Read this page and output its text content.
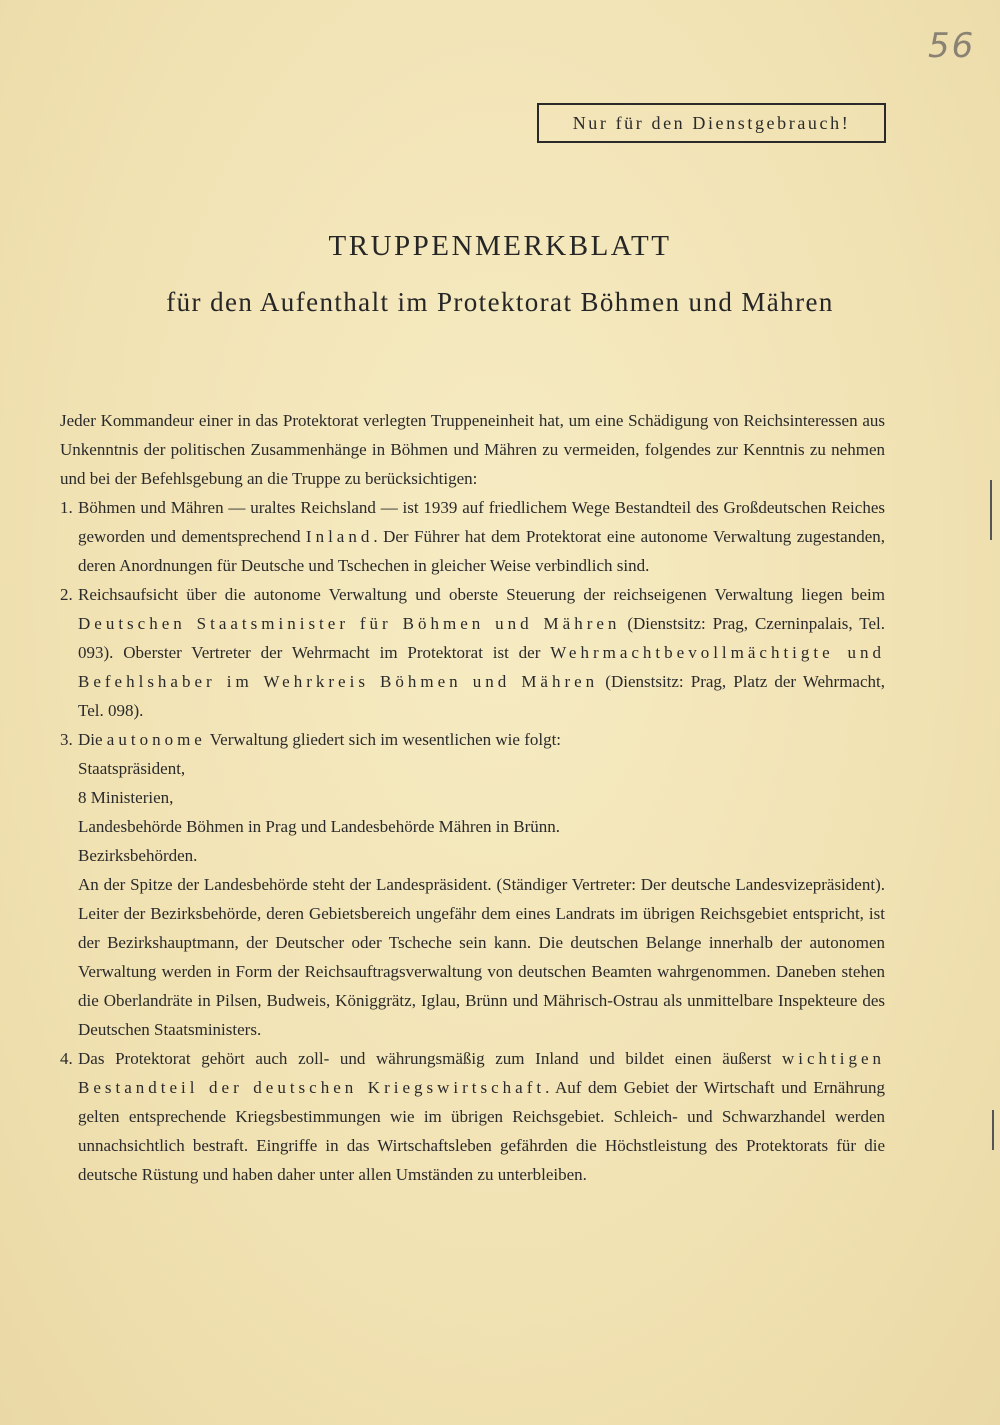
56
Nur für den Dienstgebrauch!
TRUPPENMERKBLATT
für den Aufenthalt im Protektorat Böhmen und Mähren

Jeder Kommandeur einer in das Protektorat verlegten Truppeneinheit hat, um eine Schädigung von Reichsinteressen aus Unkenntnis der politischen Zusammenhänge in Böhmen und Mähren zu vermeiden, folgendes zur Kenntnis zu nehmen und bei der Befehlsgebung an die Truppe zu berücksichtigen:

1. Böhmen und Mähren — uraltes Reichsland — ist 1939 auf friedlichem Wege Bestandteil des Großdeutschen Reiches geworden und dementsprechend Inland. Der Führer hat dem Protektorat eine autonome Verwaltung zugestanden, deren Anordnungen für Deutsche und Tschechen in gleicher Weise verbindlich sind.
2. Reichsaufsicht über die autonome Verwaltung und oberste Steuerung der reichseigenen Verwaltung liegen beim Deutschen Staatsminister für Böhmen und Mähren (Dienstsitz: Prag, Czerninpalais, Tel. 093). Oberster Vertreter der Wehrmacht im Protektorat ist der Wehrmachtbevollmächtigte und Befehlshaber im Wehrkreis Böhmen und Mähren (Dienstsitz: Prag, Platz der Wehrmacht, Tel. 098).
3. Die autonome Verwaltung gliedert sich im wesentlichen wie folgt:
Staatspräsident,
8 Ministerien,
Landesbehörde Böhmen in Prag und Landesbehörde Mähren in Brünn.
Bezirksbehörden.
An der Spitze der Landesbehörde steht der Landespräsident. (Ständiger Vertreter: Der deutsche Landesvizepräsident). Leiter der Bezirksbehörde, deren Gebietsbereich ungefähr dem eines Landrats im übrigen Reichsgebiet entspricht, ist der Bezirkshauptmann, der Deutscher oder Tscheche sein kann. Die deutschen Belange innerhalb der autonomen Verwaltung werden in Form der Reichsauftragsverwaltung von deutschen Beamten wahrgenommen. Daneben stehen die Oberlandräte in Pilsen, Budweis, Königgrätz, Iglau, Brünn und Mährisch-Ostrau als unmittelbare Inspekteure des Deutschen Staatsministers.
4. Das Protektorat gehört auch zoll- und währungsmäßig zum Inland und bildet einen äußerst wichtigen Bestandteil der deutschen Kriegswirtschaft. Auf dem Gebiet der Wirtschaft und Ernährung gelten entsprechende Kriegsbestimmungen wie im übrigen Reichsgebiet. Schleich- und Schwarzhandel werden unnachsichtlich bestraft. Eingriffe in das Wirtschaftsleben gefährden die Höchstleistung des Protektorats für die deutsche Rüstung und haben daher unter allen Umständen zu unterbleiben.
